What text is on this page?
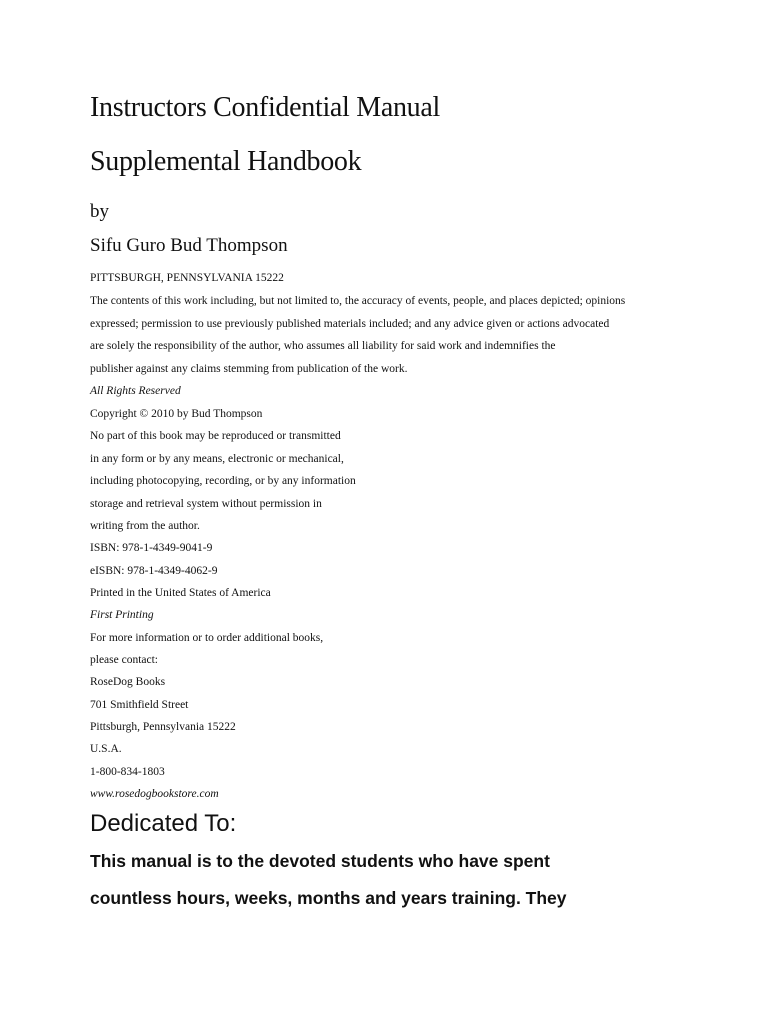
Instructors Confidential Manual
Supplemental Handbook
by
Sifu Guro Bud Thompson
PITTSBURGH, PENNSYLVANIA 15222
The contents of this work including, but not limited to, the accuracy of events, people, and places depicted; opinions
expressed; permission to use previously published materials included; and any advice given or actions advocated
are solely the responsibility of the author, who assumes all liability for said work and indemnifies the
publisher against any claims stemming from publication of the work.
All Rights Reserved
Copyright © 2010 by Bud Thompson
No part of this book may be reproduced or transmitted
in any form or by any means, electronic or mechanical,
including photocopying, recording, or by any information
storage and retrieval system without permission in
writing from the author.
ISBN: 978-1-4349-9041-9
eISBN: 978-1-4349-4062-9
Printed in the United States of America
First Printing
For more information or to order additional books,
please contact:
RoseDog Books
701 Smithfield Street
Pittsburgh, Pennsylvania 15222
U.S.A.
1-800-834-1803
www.rosedogbookstore.com
Dedicated To:
This manual is to the devoted students who have spent
countless hours, weeks, months and years training. They
